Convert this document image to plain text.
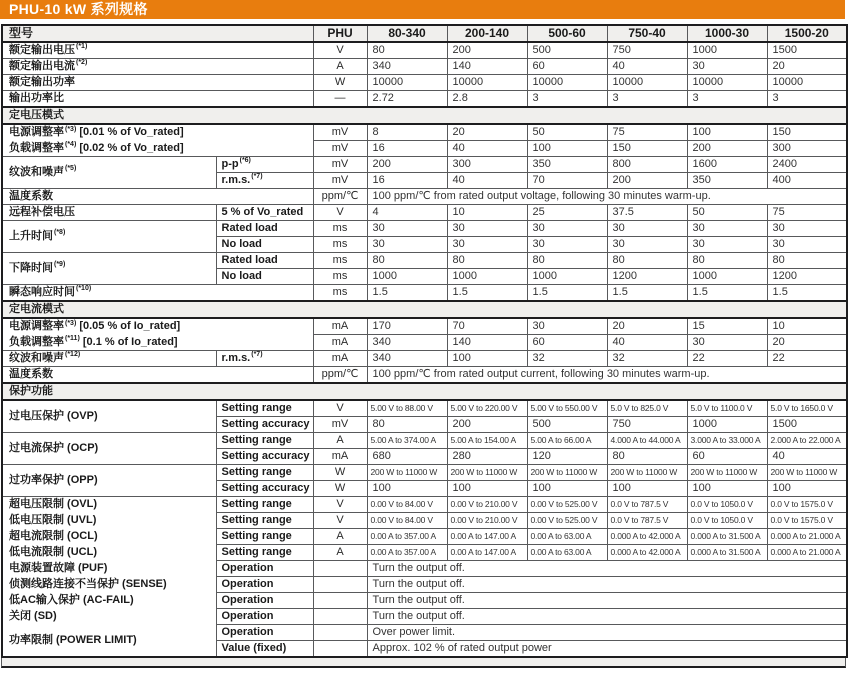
PHU-10 kW 系列规格
型号		PHU	80-340	200-140	500-60	750-40	1000-30	1500-20
额定输出电压$^{(*1)}$		V	80	200	500	750	1000	1500
额定输出电流$^{(*2)}$		A	340	140	60	40	30	20
额定输出功率		W	10000	10000	10000	10000	10000	10000
输出功率比		—	2.72	2.8	3	3	3	3
定电压模式								
电源调整率$^{(*3)}$ [0.01 % of Vo_rated]		mV	8	20	50	75	100	150
负载调整率$^{(*4)}$ [0.02 % of Vo_rated]		mV	16	40	100	150	200	300
纹波和噪声$^{(*5)}$	p-p$^{(*6)}$	mV	200	300	350	800	1600	2400
	r.m.s.$^{(*7)}$	mV	16	40	70	200	350	400
温度系数		ppm/℃	100 ppm/℃ from rated output voltage, following 30 minutes warm-up.					
远程补偿电压	5 % of Vo_rated	V	4	10	25	37.5	50	75
上升时间$^{(*8)}$	Rated load	ms	30	30	30	30	30	30
	No load	ms	30	30	30	30	30	30
下降时间$^{(*9)}$	Rated load	ms	80	80	80	80	80	80
	No load	ms	1000	1000	1000	1200	1000	1200
瞬态响应时间$^{(*10)}$		ms	1.5	1.5	1.5	1.5	1.5	1.5
定电流模式								
电源调整率$^{(*3)}$ [0.05 % of Io_rated]		mA	170	70	30	20	15	10
负载调整率$^{(*11)}$ [0.1 % of Io_rated]		mA	340	140	60	40	30	20
纹波和噪声$^{(*12)}$	r.m.s.$^{(*7)}$	mA	340	100	32	32	22	22
温度系数		ppm/℃	100 ppm/℃ from rated output current, following 30 minutes warm-up.					
保护功能								
过电压保护 (OVP)	Setting range	V	5.00 V to 88.00 V	5.00 V to 220.00 V	5.00 V to 550.00 V	5.0 V to 825.0 V	5.0 V to 1100.0 V	5.0 V to 1650.0 V
	Setting accuracy	mV	80	200	500	750	1000	1500
过电流保护 (OCP)	Setting range	A	5.00 A to 374.00 A	5.00 A to 154.00 A	5.00 A to 66.00 A	4.000 A to 44.000 A	3.000 A to 33.000 A	2.000 A to 22.000 A
	Setting accuracy	mA	680	280	120	80	60	40
过功率保护 (OPP)	Setting range	W	200 W to 11000 W	200 W to 11000 W	200 W to 11000 W	200 W to 11000 W	200 W to 11000 W	200 W to 11000 W
	Setting accuracy	W	100	100	100	100	100	100
超电压限制 (OVL)	Setting range	V	0.00 V to 84.00 V	0.00 V to 210.00 V	0.00 V to 525.00 V	0.0 V to 787.5 V	0.0 V to 1050.0 V	0.0 V to 1575.0 V
低电压限制 (UVL)	Setting range	V	0.00 V to 84.00 V	0.00 V to 210.00 V	0.00 V to 525.00 V	0.0 V to 787.5 V	0.0 V to 1050.0 V	0.0 V to 1575.0 V
超电流限制 (OCL)	Setting range	A	0.00 A to 357.00 A	0.00 A to 147.00 A	0.00 A to 63.00 A	0.000 A to 42.000 A	0.000 A to 31.500 A	0.000 A to 21.000 A
低电流限制 (UCL)	Setting range	A	0.00 A to 357.00 A	0.00 A to 147.00 A	0.00 A to 63.00 A	0.000 A to 42.000 A	0.000 A to 31.500 A	0.000 A to 21.000 A
电源装置故障 (PUF)	Operation		Turn the output off.					
侦测线路连接不当保护 (SENSE)	Operation		Turn the output off.					
低AC输入保护 (AC-FAIL)	Operation		Turn the output off.					
关闭 (SD)	Operation		Turn the output off.					
功率限制 (POWER LIMIT)	Operation		Over power limit.					
	Value (fixed)		Approx. 102 % of rated output power					
